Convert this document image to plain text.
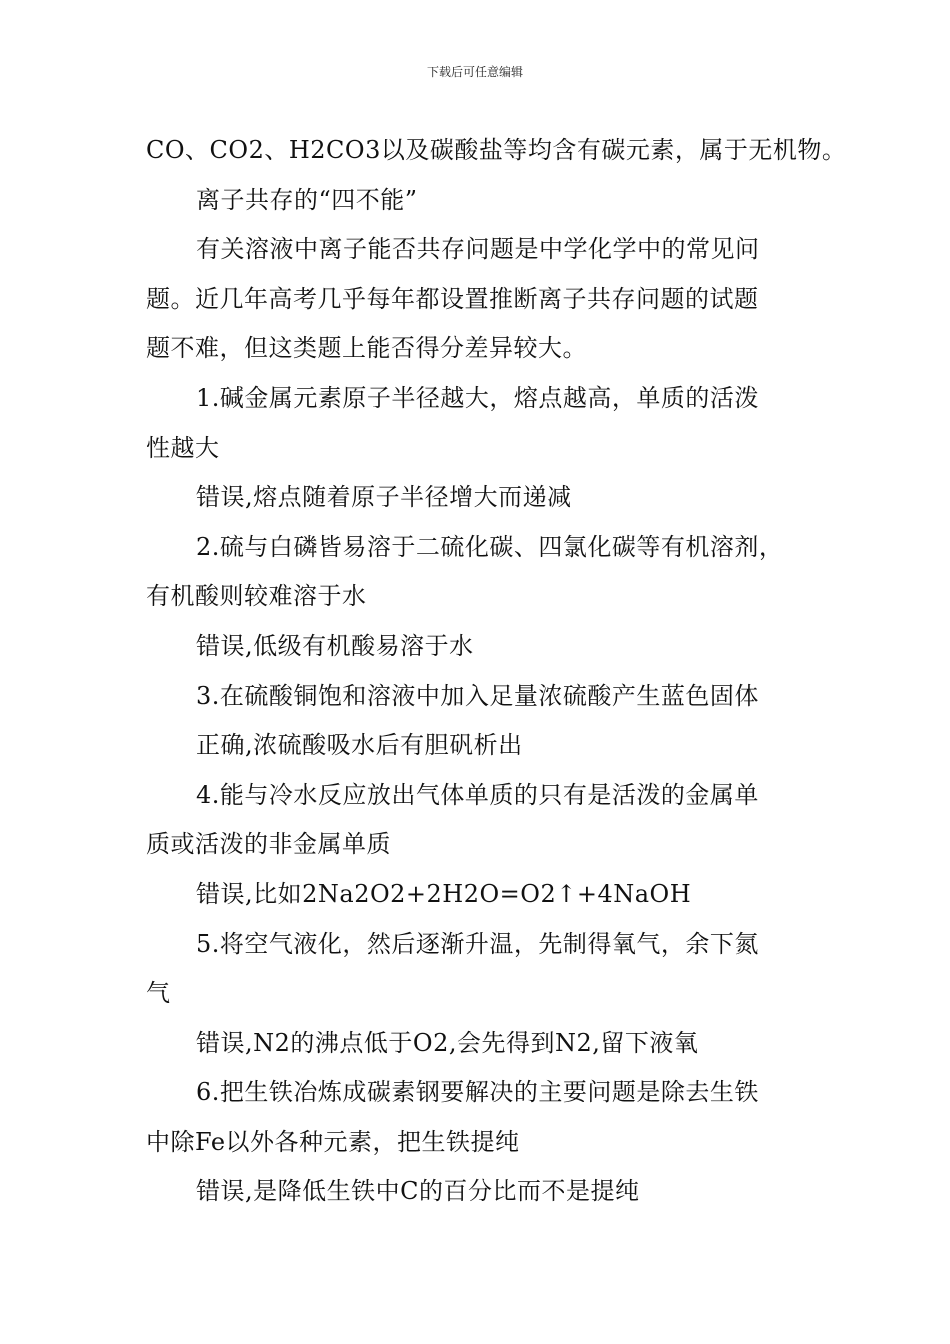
下载后可任意编辑
CO、CO2、H2CO3以及碳酸盐等均含有碳元素，属于无机物。
离子共存的“四不能”
有关溶液中离子能否共存问题是中学化学中的常见问
题。近几年高考几乎每年都设置推断离子共存问题的试题
题不难，但这类题上能否得分差异较大。
1.碱金属元素原子半径越大，熔点越高，单质的活泼
性越大
错误,熔点随着原子半径增大而递减
2.硫与白磷皆易溶于二硫化碳、四氯化碳等有机溶剂，
有机酸则较难溶于水
错误,低级有机酸易溶于水
3.在硫酸铜饱和溶液中加入足量浓硫酸产生蓝色固体
正确,浓硫酸吸水后有胆矾析出
4.能与冷水反应放出气体单质的只有是活泼的金属单
质或活泼的非金属单质
错误,比如2Na2O2+2H2O=O2↑+4NaOH
5.将空气液化，然后逐渐升温，先制得氧气，余下氮
气
错误,N2的沸点低于O2,会先得到N2,留下液氧
6.把生铁冶炼成碳素钢要解决的主要问题是除去生铁
中除Fe以外各种元素，把生铁提纯
错误,是降低生铁中C的百分比而不是提纯
